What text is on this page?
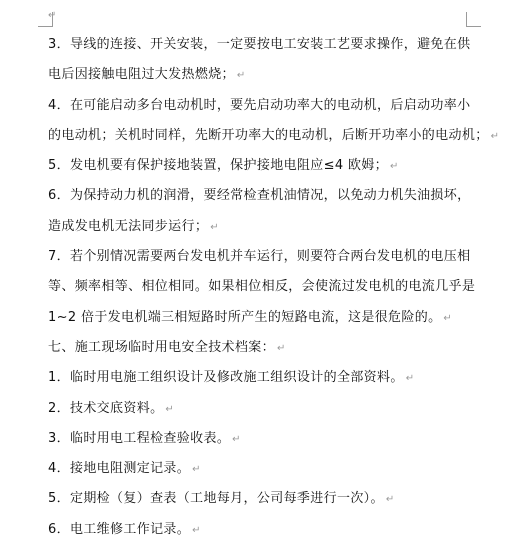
↵
3．导线的连接、开关安装，一定要按电工安装工艺要求操作，避免在供
电后因接触电阻过大发热燃烧； ↵
4．在可能启动多台电动机时，要先启动功率大的电动机，后启动功率小
的电动机；关机时同样，先断开功率大的电动机，后断开功率小的电动机； ↵
5．发电机要有保护接地装置，保护接地电阻应≤4 欧姆； ↵
6．为保持动力机的润滑，要经常检查机油情况，以免动力机失油损坏，
造成发电机无法同步运行； ↵
7．若个别情况需要两台发电机并车运行，则要符合两台发电机的电压相
等、频率相等、相位相同。如果相位相反，会使流过发电机的电流几乎是
1~2 倍于发电机端三相短路时所产生的短路电流，这是很危险的。 ↵
七、施工现场临时用电安全技术档案： ↵
1．临时用电施工组织设计及修改施工组织设计的全部资料。 ↵
2．技术交底资料。 ↵
3．临时用电工程检查验收表。 ↵
4．接地电阻测定记录。 ↵
5．定期检（复）查表（工地每月，公司每季进行一次）。 ↵
6．电工维修工作记录。 ↵
